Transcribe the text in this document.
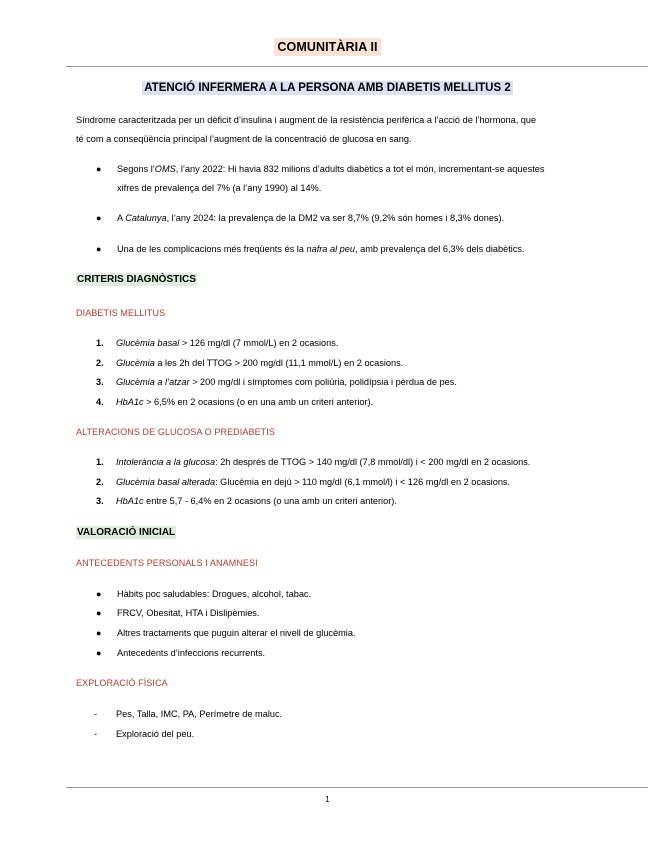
COMUNITÀRIA II
ATENCIÓ INFERMERA A LA PERSONA AMB DIABETIS MELLITUS 2
Síndrome caracteritzada per un dèficit d’insulina i augment de la resistència perifèrica a l’acció de l’hormona, que
té com a conseqüència principal l’augment de la concentració de glucosa en sang.
● Segons l’OMS, l’any 2022: Hi havia 832 milions d’adults diabètics a tot el món, incrementant-se aquestes
xifres de prevalença del 7% (a l’any 1990) al 14%.
● A Catalunya, l’any 2024: la prevalença de la DM2 va ser 8,7% (9,2% són homes i 8,3% dones).
● Una de les complicacions més freqüents és la nafra al peu, amb prevalença del 6,3% dels diabètics.
CRITERIS DIAGNÒSTICS
DIABETIS MELLITUS
1. Glucèmia basal > 126 mg/dl (7 mmol/L) en 2 ocasions.
2. Glucèmia a les 2h del TTOG > 200 mg/dl (11,1 mmol/L) en 2 ocasions.
3. Glucèmia a l’atzar > 200 mg/dl i símptomes com poliúria, polidípsia i pèrdua de pes.
4. HbA1c > 6,5% en 2 ocasions (o en una amb un criteri anterior).
ALTERACIONS DE GLUCOSA O PREDIABETIS
1. Intolerància a la glucosa: 2h després de TTOG > 140 mg/dl (7,8 mmol/dl) i < 200 mg/dl en 2 ocasions.
2. Glucèmia basal alterada: Glucèmia en dejú > 110 mg/dl (6,1 mmol/l) i < 126 mg/dl en 2 ocasions.
3. HbA1c entre 5,7 - 6,4% en 2 ocasions (o una amb un criteri anterior).
VALORACIÓ INICIAL
ANTECEDENTS PERSONALS I ANAMNESI
● Hàbits poc saludables: Drogues, alcohol, tabac.
● FRCV, Obesitat, HTA i Dislipèmies.
● Altres tractaments que puguin alterar el nivell de glucèmia.
● Antecedents d’infeccions recurrents.
EXPLORACIÓ FÍSICA
- Pes, Talla, IMC, PA, Perímetre de maluc.
- Exploració del peu.
1
